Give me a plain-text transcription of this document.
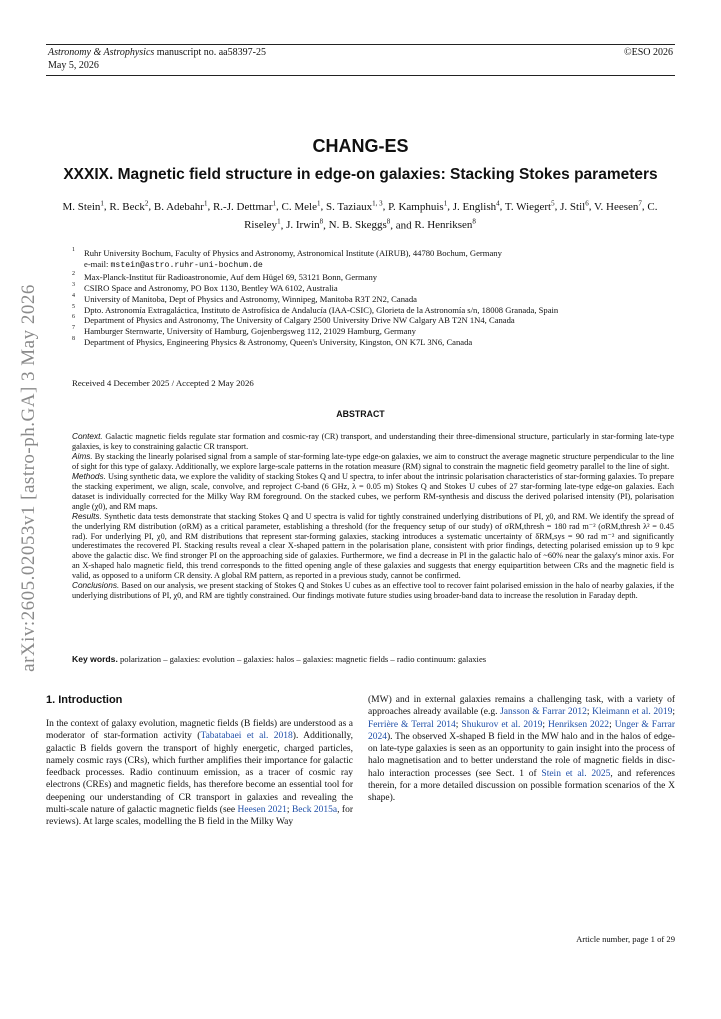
Astronomy & Astrophysics manuscript no. aa58397-25
May 5, 2026
©ESO 2026
arXiv:2605.02053v1 [astro-ph.GA] 3 May 2026
CHANG-ES
XXXIX. Magnetic field structure in edge-on galaxies: Stacking Stokes parameters
M. Stein$^1$, R. Beck$^2$, B. Adebahr$^1$, R.-J. Dettmar$^1$, C. Mele$^1$, S. Taziaux$^{1, 3}$, P. Kamphuis$^1$, J. English$^4$, T. Wiegert$^5$, J. Stil$^6$, V. Heesen$^7$, C. Riseley$^1$, J. Irwin$^8$, N. B. Skeggs$^8$, and R. Henriksen$^8$
1 Ruhr University Bochum, Faculty of Physics and Astronomy, Astronomical Institute (AIRUB), 44780 Bochum, Germany
e-mail: mstein@astro.ruhr-uni-bochum.de
2 Max-Planck-Institut für Radioastronomie, Auf dem Hügel 69, 53121 Bonn, Germany
3 CSIRO Space and Astronomy, PO Box 1130, Bentley WA 6102, Australia
4 University of Manitoba, Dept of Physics and Astronomy, Winnipeg, Manitoba R3T 2N2, Canada
5 Dpto. Astronomía Extragaláctica, Instituto de Astrofísica de Andalucía (IAA-CSIC), Glorieta de la Astronomía s/n, 18008 Granada, Spain
6 Department of Physics and Astronomy, The University of Calgary 2500 University Drive NW Calgary AB T2N 1N4, Canada
7 Hamburger Sternwarte, University of Hamburg, Gojenbergsweg 112, 21029 Hamburg, Germany
8 Department of Physics, Engineering Physics & Astronomy, Queen's University, Kingston, ON K7L 3N6, Canada
Received 4 December 2025 / Accepted 2 May 2026
ABSTRACT

Context. Galactic magnetic fields regulate star formation and cosmic-ray (CR) transport, and understanding their three-dimensional structure, particularly in star-forming late-type galaxies, is key to constraining galactic CR transport.

Aims. By stacking the linearly polarised signal from a sample of star-forming late-type edge-on galaxies, we aim to construct the average magnetic structure perpendicular to the line of sight for this type of galaxy. Additionally, we explore large-scale patterns in the rotation measure (RM) signal to constrain the magnetic field geometry parallel to the line of sight.

Methods. Using synthetic data, we explore the validity of stacking Stokes Q and U spectra, to infer about the intrinsic polarisation characteristics of star-forming galaxies. To prepare the stacking experiment, we align, scale, convolve, and reproject C-band (6 GHz, λ = 0.05 m) Stokes Q and Stokes U cubes of 27 star-forming late-type edge-on galaxies. Each dataset is individually corrected for the Milky Way RM foreground. On the stacked cubes, we perform RM-synthesis and discuss the derived polarised intensity (PI), polarisation angle (χ0), and RM maps.

Results. Synthetic data tests demonstrate that stacking Stokes Q and U spectra is valid for tightly constrained underlying distributions of PI, χ0, and RM. We identify the spread of the underlying RM distribution (σRM) as a critical parameter, establishing a threshold (for the frequency setup of our study) of σRM,thresh = 180 rad m⁻² (σRM,thresh λ² = 0.45 rad). For underlying PI, χ0, and RM distributions that represent star-forming galaxies, stacking introduces a systematic uncertainty of δRM,sys = 90 rad m⁻² and significantly underestimates the recovered PI. Stacking results reveal a clear X-shaped pattern in the polarisation plane, consistent with prior findings, detecting polarised emission up to 9 kpc above the galactic disc. We find stronger PI on the approaching side of galaxies. Furthermore, we find a decrease in PI in the galactic halo of ~60% near the galaxy's minor axis. For an X-shaped halo magnetic field, this trend corresponds to the fitted opening angle of these galaxies and suggests that energy equipartition between CRs and the magnetic field is valid, as opposed to a uniform CR density. A global RM pattern, as reported in a previous study, cannot be confirmed.

Conclusions. Based on our analysis, we present stacking of Stokes Q and Stokes U cubes as an effective tool to recover faint polarised emission in the halo of nearby galaxies, if the underlying distributions of PI, χ0, and RM are tightly constrained. Our findings motivate future studies using broader-band data to increase the resolution in Faraday depth.

Key words. polarization – galaxies: evolution – galaxies: halos – galaxies: magnetic fields – radio continuum: galaxies
1. Introduction

In the context of galaxy evolution, magnetic fields (B fields) are understood as a moderator of star-formation activity (Tabatabaei et al. 2018). Additionally, galactic B fields govern the transport of highly energetic, charged particles, namely cosmic rays (CRs), which further amplifies their importance for galactic feedback processes. Radio continuum emission, as a tracer of cosmic ray electrons (CREs) and magnetic fields, has therefore become an essential tool for deepening our understanding of CR transport in galaxies and revealing the multi-scale nature of galactic magnetic fields (see Heesen 2021; Beck 2015a, for reviews). At large scales, modelling the B field in the Milky Way

(MW) and in external galaxies remains a challenging task, with a variety of approaches already available (e.g. Jansson & Farrar 2012; Kleimann et al. 2019; Ferrière & Terral 2014; Shukurov et al. 2019; Henriksen 2022; Unger & Farrar 2024). The observed X-shaped B field in the MW halo and in the halos of edge-on late-type galaxies is seen as an opportunity to gain insight into the process of halo magnetisation and to better understand the role of magnetic fields in disc-halo interaction processes (see Sect. 1 of Stein et al. 2025, and references therein, for a more detailed discussion on possible formation scenarios of the X shape).

Article number, page 1 of 29
